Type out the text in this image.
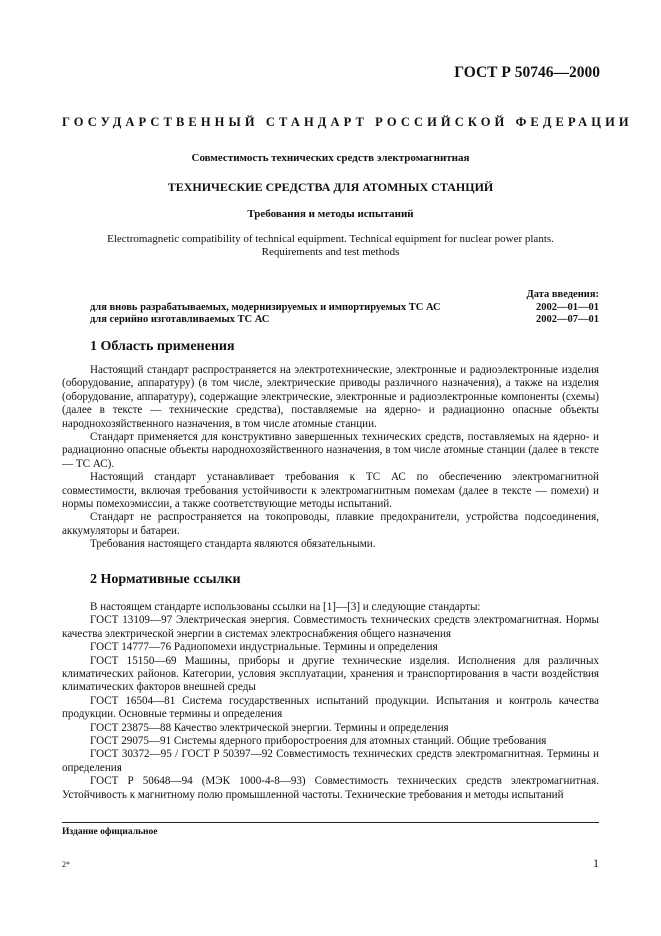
ГОСТ Р 50746—2000
ГОСУДАРСТВЕННЫЙ СТАНДАРТ РОССИЙСКОЙ ФЕДЕРАЦИИ
Совместимость технических средств электромагнитная
ТЕХНИЧЕСКИЕ СРЕДСТВА ДЛЯ АТОМНЫХ СТАНЦИЙ
Требования и методы испытаний
Electromagnetic compatibility of technical equipment. Technical equipment for nuclear power plants.
Requirements and test methods
Дата введения:
для вновь разрабатываемых, модернизируемых и импортируемых ТС АС	2002—01—01
для серийно изготавливаемых ТС АС	2002—07—01
1 Область применения

Настоящий стандарт распространяется на электротехнические, электронные и радиоэлектронные изделия (оборудование, аппаратуру) (в том числе, электрические приводы различного назначения), а также на изделия (оборудование, аппаратуру), содержащие электрические, электронные и радиоэлектронные компоненты (схемы) (далее в тексте — технические средства), поставляемые на ядерно- и радиационно опасные объекты народнохозяйственного назначения, в том числе атомные станции.

Стандарт применяется для конструктивно завершенных технических средств, поставляемых на ядерно- и радиационно опасные объекты народнохозяйственного назначения, в том числе атомные станции (далее в тексте — ТС АС).

Настоящий стандарт устанавливает требования к ТС АС по обеспечению электромагнитной совместимости, включая требования устойчивости к электромагнитным помехам (далее в тексте — помехи) и нормы помехоэмиссии, а также соответствующие методы испытаний.

Стандарт не распространяется на токопроводы, плавкие предохранители, устройства подсоединения, аккумуляторы и батареи.

Требования настоящего стандарта являются обязательными.

2 Нормативные ссылки

В настоящем стандарте использованы ссылки на [1]—[3] и следующие стандарты:

ГОСТ 13109—97 Электрическая энергия. Совместимость технических средств электромагнитная. Нормы качества электрической энергии в системах электроснабжения общего назначения

ГОСТ 14777—76 Радиопомехи индустриальные. Термины и определения

ГОСТ 15150—69 Машины, приборы и другие технические изделия. Исполнения для различных климатических районов. Категории, условия эксплуатации, хранения и транспортирования в части воздействия климатических факторов внешней среды

ГОСТ 16504—81 Система государственных испытаний продукции. Испытания и контроль качества продукции. Основные термины и определения

ГОСТ 23875—88 Качество электрической энергии. Термины и определения

ГОСТ 29075—91 Системы ядерного приборостроения для атомных станций. Общие требования

ГОСТ 30372—95 / ГОСТ Р 50397—92 Совместимость технических средств электромагнитная. Термины и определения

ГОСТ Р 50648—94 (МЭК 1000-4-8—93) Совместимость технических средств электромагнитная. Устойчивость к магнитному полю промышленной частоты. Технические требования и методы испытаний

Издание официальное
2*	1
